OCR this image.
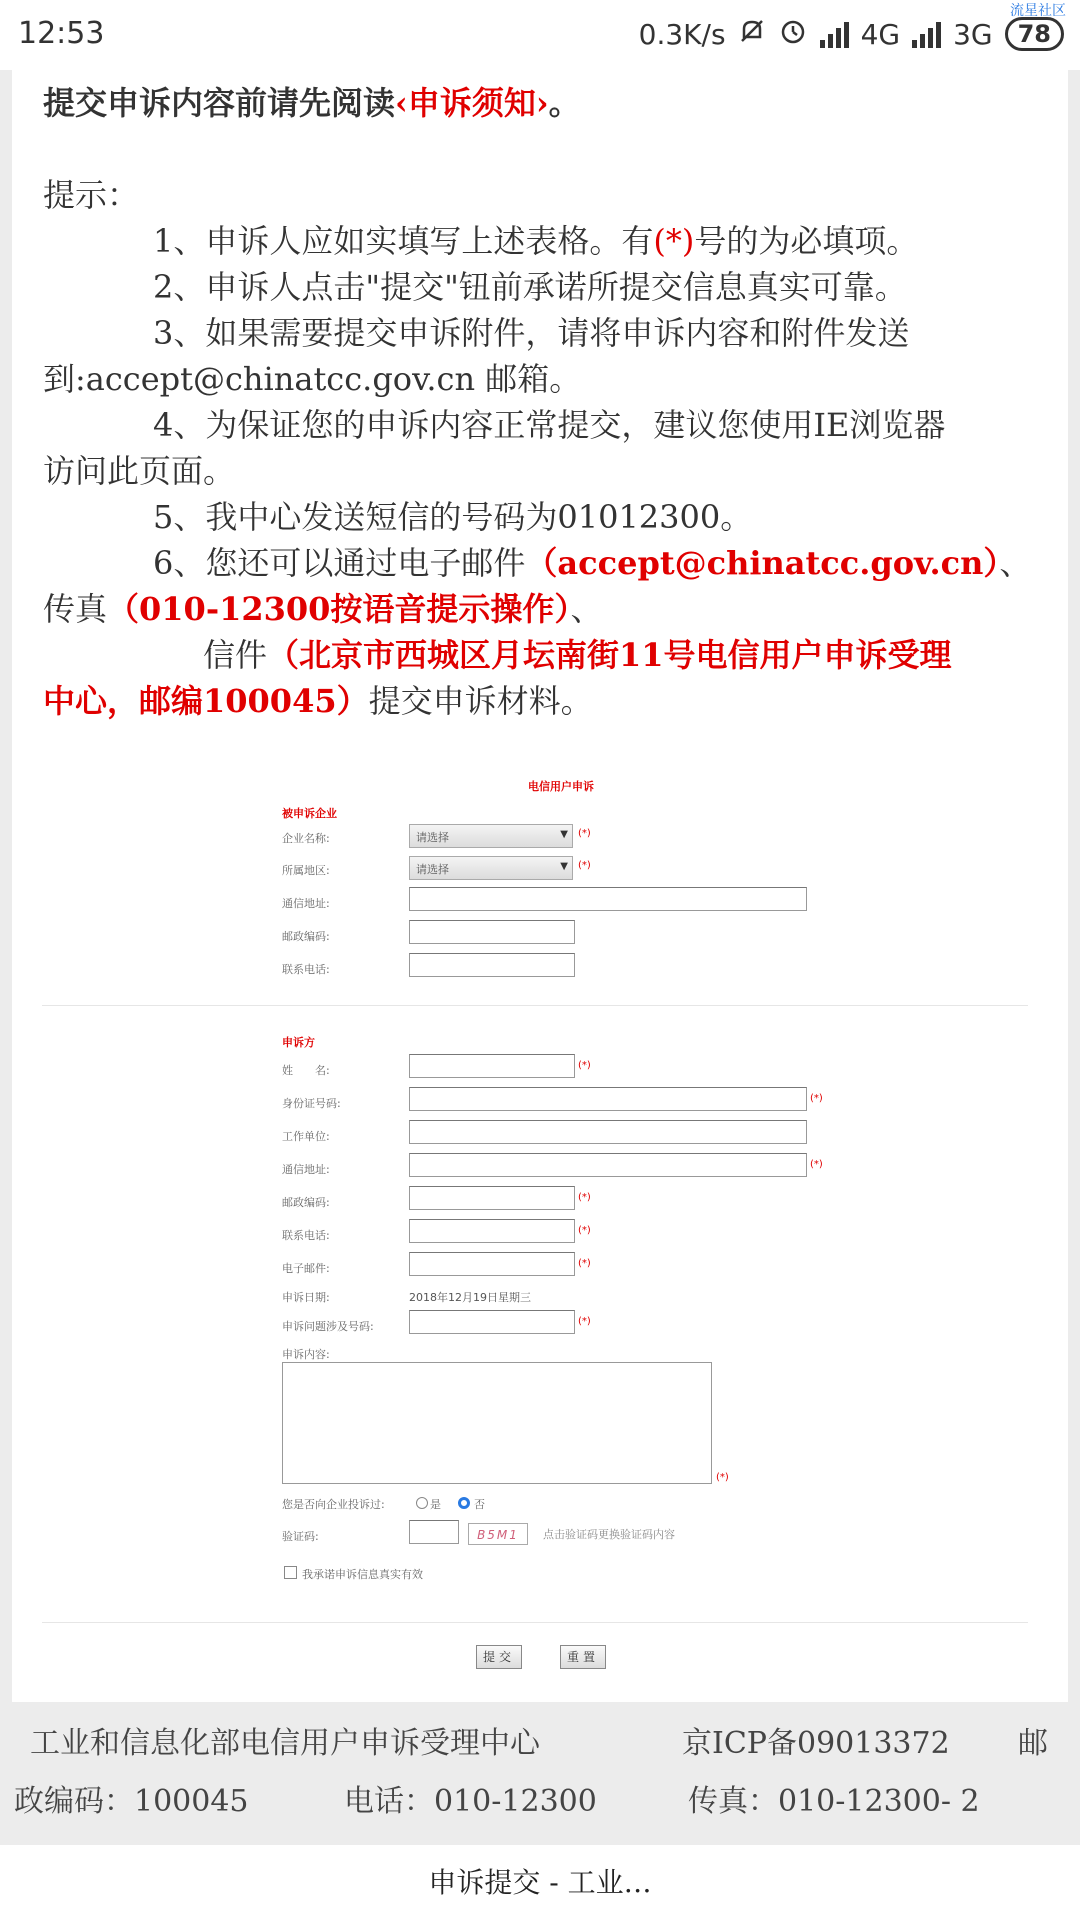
12:53
流星社区
0.3K/s	4G 3G	78
提交申诉内容前请先阅读‹申诉须知›。
提示：
1、申诉人应如实填写上述表格。有(*)号的为必填项。
2、申诉人点击"提交"钮前承诺所提交信息真实可靠。
3、如果需要提交申诉附件，请将申诉内容和附件发送
到:accept@chinatcc.gov.cn 邮箱。
4、为保证您的申诉内容正常提交，建议您使用IE浏览器
访问此页面。
5、我中心发送短信的号码为01012300。
6、您还可以通过电子邮件（accept@chinatcc.gov.cn）、
传真（010-12300按语音提示操作）、
信件（北京市西城区月坛南街11号电信用户申诉受理
中心，邮编100045）提交申诉材料。
电信用户申诉
被申诉企业
企业名称:	请选择	▼ (*)
所属地区:	请选择	▼ (*)
通信地址:
邮政编码:
联系电话:
申诉方
姓　　名:	(*)
身份证号码:	(*)
工作单位:
通信地址:	(*)
邮政编码:	(*)
联系电话:	(*)
电子邮件:	(*)
申诉日期:	2018年12月19日星期三
申诉问题涉及号码:	(*)
申诉内容:
(*)
您是否向企业投诉过:	是	否
验证码:	B5M1	点击验证码更换验证码内容
我承诺申诉信息真实有效
提交	重置
工业和信息化部电信用户申诉受理中心	京ICP备09013372 邮
政编码：100045	电话：010-12300	传真：010-12300- 2
申诉提交 - 工业…
